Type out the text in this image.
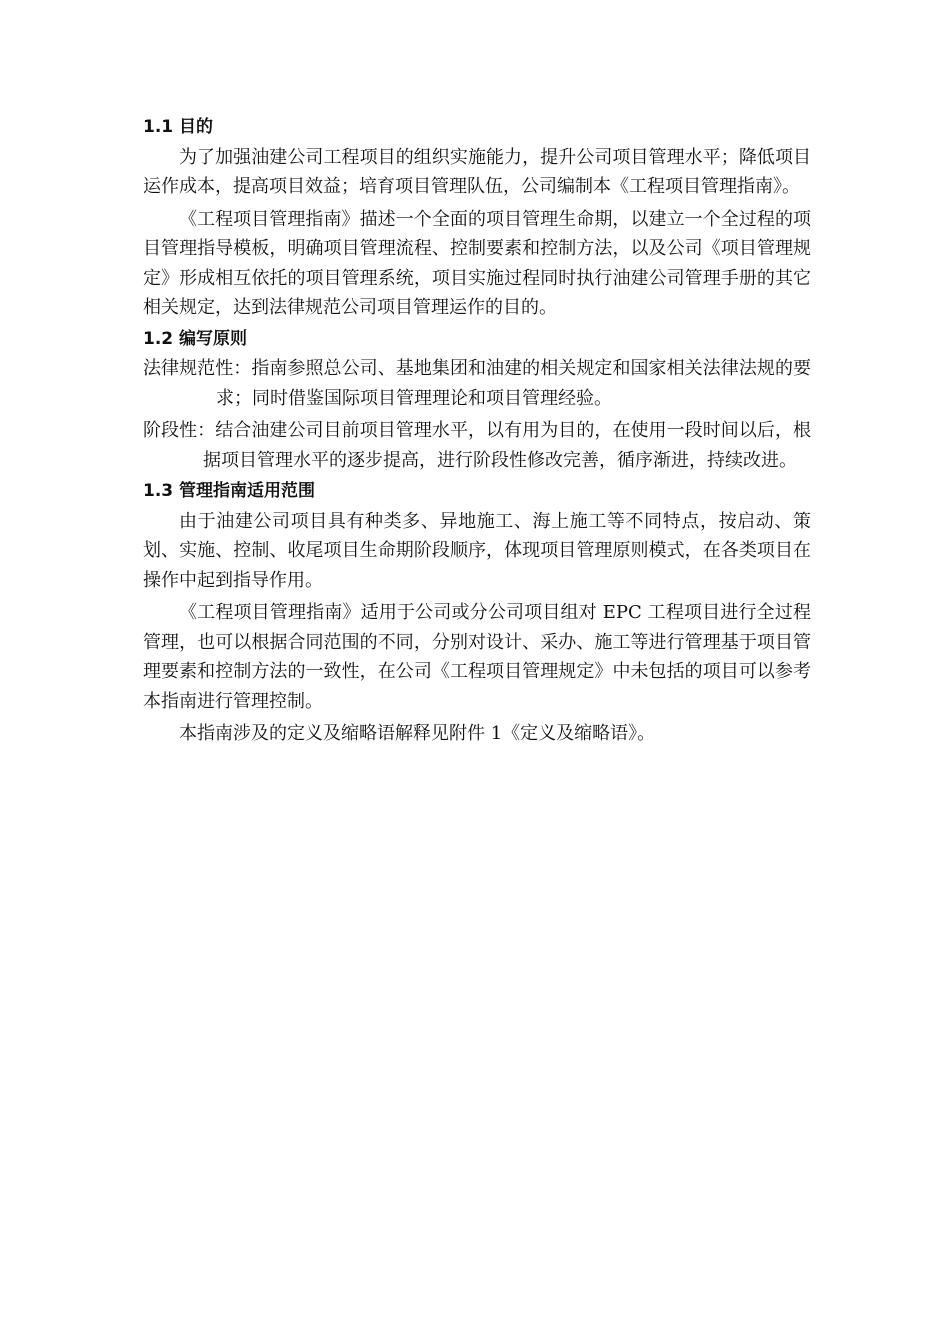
1.1 目的

为了加强油建公司工程项目的组织实施能力，提升公司项目管理水平；降低项目运作成本，提高项目效益；培育项目管理队伍，公司编制本《工程项目管理指南》。

《工程项目管理指南》描述一个全面的项目管理生命期，以建立一个全过程的项目管理指导模板，明确项目管理流程、控制要素和控制方法，以及公司《项目管理规定》形成相互依托的项目管理系统，项目实施过程同时执行油建公司管理手册的其它相关规定，达到法律规范公司项目管理运作的目的。

1.2 编写原则

法律规范性：指南参照总公司、基地集团和油建的相关规定和国家相关法律法规的要求；同时借鉴国际项目管理理论和项目管理经验。

阶段性：结合油建公司目前项目管理水平，以有用为目的，在使用一段时间以后，根据项目管理水平的逐步提高，进行阶段性修改完善，循序渐进，持续改进。

1.3 管理指南适用范围

由于油建公司项目具有种类多、异地施工、海上施工等不同特点，按启动、策划、实施、控制、收尾项目生命期阶段顺序，体现项目管理原则模式，在各类项目在操作中起到指导作用。

《工程项目管理指南》适用于公司或分公司项目组对 EPC 工程项目进行全过程管理，也可以根据合同范围的不同，分别对设计、采办、施工等进行管理基于项目管理要素和控制方法的一致性，在公司《工程项目管理规定》中未包括的项目可以参考本指南进行管理控制。

本指南涉及的定义及缩略语解释见附件 1《定义及缩略语》。
